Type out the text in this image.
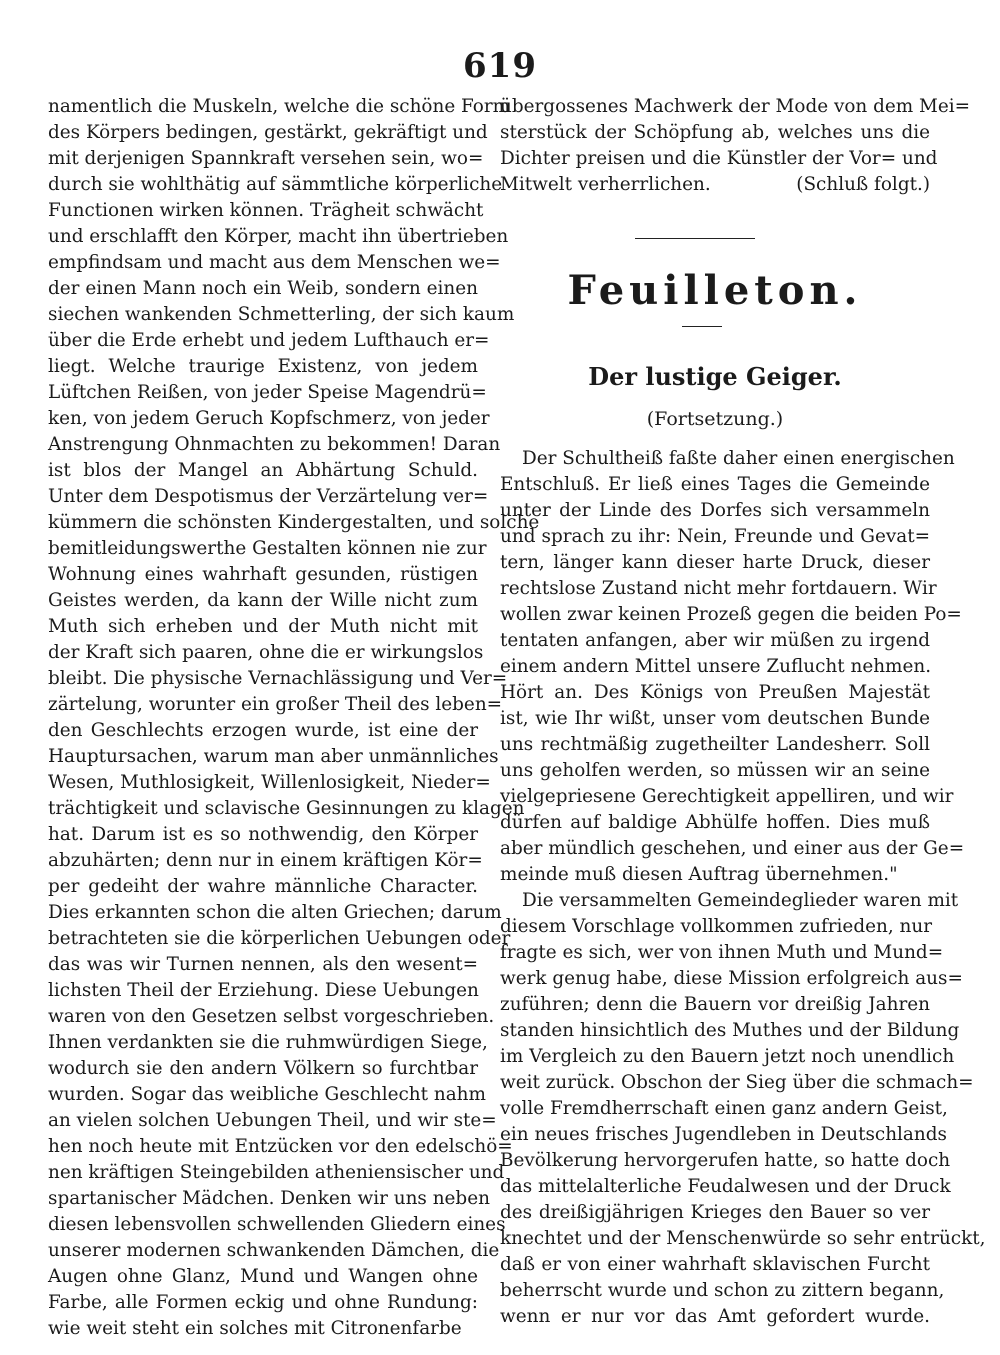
619
namentlich die Muskeln, welche die schöne Form
des Körpers bedingen, gestärkt, gekräftigt und
mit derjenigen Spannkraft versehen sein, wo=
durch sie wohlthätig auf sämmtliche körperliche
Functionen wirken können. Trägheit schwächt
und erschlafft den Körper, macht ihn übertrieben
empfindsam und macht aus dem Menschen we=
der einen Mann noch ein Weib, sondern einen
siechen wankenden Schmetterling, der sich kaum
über die Erde erhebt und jedem Lufthauch er=
liegt. Welche traurige Existenz, von jedem
Lüftchen Reißen, von jeder Speise Magendrü=
ken, von jedem Geruch Kopfschmerz, von jeder
Anstrengung Ohnmachten zu bekommen! Daran
ist blos der Mangel an Abhärtung Schuld.
Unter dem Despotismus der Verzärtelung ver=
kümmern die schönsten Kindergestalten, und solche
bemitleidungswerthe Gestalten können nie zur
Wohnung eines wahrhaft gesunden, rüstigen
Geistes werden, da kann der Wille nicht zum
Muth sich erheben und der Muth nicht mit
der Kraft sich paaren, ohne die er wirkungslos
bleibt. Die physische Vernachlässigung und Ver=
zärtelung, worunter ein großer Theil des leben=
den Geschlechts erzogen wurde, ist eine der
Hauptursachen, warum man aber unmännliches
Wesen, Muthlosigkeit, Willenlosigkeit, Nieder=
trächtigkeit und sclavische Gesinnungen zu klagen
hat. Darum ist es so nothwendig, den Körper
abzuhärten; denn nur in einem kräftigen Kör=
per gedeiht der wahre männliche Character.
Dies erkannten schon die alten Griechen; darum
betrachteten sie die körperlichen Uebungen oder
das was wir Turnen nennen, als den wesent=
lichsten Theil der Erziehung. Diese Uebungen
waren von den Gesetzen selbst vorgeschrieben.
Ihnen verdankten sie die ruhmwürdigen Siege,
wodurch sie den andern Völkern so furchtbar
wurden. Sogar das weibliche Geschlecht nahm
an vielen solchen Uebungen Theil, und wir ste=
hen noch heute mit Entzücken vor den edelschö=
nen kräftigen Steingebilden atheniensischer und
spartanischer Mädchen. Denken wir uns neben
diesen lebensvollen schwellenden Gliedern eines
unserer modernen schwankenden Dämchen, die
Augen ohne Glanz, Mund und Wangen ohne
Farbe, alle Formen eckig und ohne Rundung:
wie weit steht ein solches mit Citronenfarbe
übergossenes Machwerk der Mode von dem Mei=
sterstück der Schöpfung ab, welches uns die
Dichter preisen und die Künstler der Vor= und
Mitwelt verherrlichen.	(Schluß folgt.)
Feuilleton.
Der lustige Geiger.
(Fortsetzung.)
Der Schultheiß faßte daher einen energischen
Entschluß. Er ließ eines Tages die Gemeinde
unter der Linde des Dorfes sich versammeln
und sprach zu ihr: Nein, Freunde und Gevat=
tern, länger kann dieser harte Druck, dieser
rechtslose Zustand nicht mehr fortdauern. Wir
wollen zwar keinen Prozeß gegen die beiden Po=
tentaten anfangen, aber wir müßen zu irgend
einem andern Mittel unsere Zuflucht nehmen.
Hört an. Des Königs von Preußen Majestät
ist, wie Ihr wißt, unser vom deutschen Bunde
uns rechtmäßig zugetheilter Landesherr. Soll
uns geholfen werden, so müssen wir an seine
vielgepriesene Gerechtigkeit appelliren, und wir
dürfen auf baldige Abhülfe hoffen. Dies muß
aber mündlich geschehen, und einer aus der Ge=
meinde muß diesen Auftrag übernehmen."
Die versammelten Gemeindeglieder waren mit
diesem Vorschlage vollkommen zufrieden, nur
fragte es sich, wer von ihnen Muth und Mund=
werk genug habe, diese Mission erfolgreich aus=
zuführen; denn die Bauern vor dreißig Jahren
standen hinsichtlich des Muthes und der Bildung
im Vergleich zu den Bauern jetzt noch unendlich
weit zurück. Obschon der Sieg über die schmach=
volle Fremdherrschaft einen ganz andern Geist,
ein neues frisches Jugendleben in Deutschlands
Bevölkerung hervorgerufen hatte, so hatte doch
das mittelalterliche Feudalwesen und der Druck
des dreißigjährigen Krieges den Bauer so ver
knechtet und der Menschenwürde so sehr entrückt,
daß er von einer wahrhaft sklavischen Furcht
beherrscht wurde und schon zu zittern begann,
wenn er nur vor das Amt gefordert wurde.
